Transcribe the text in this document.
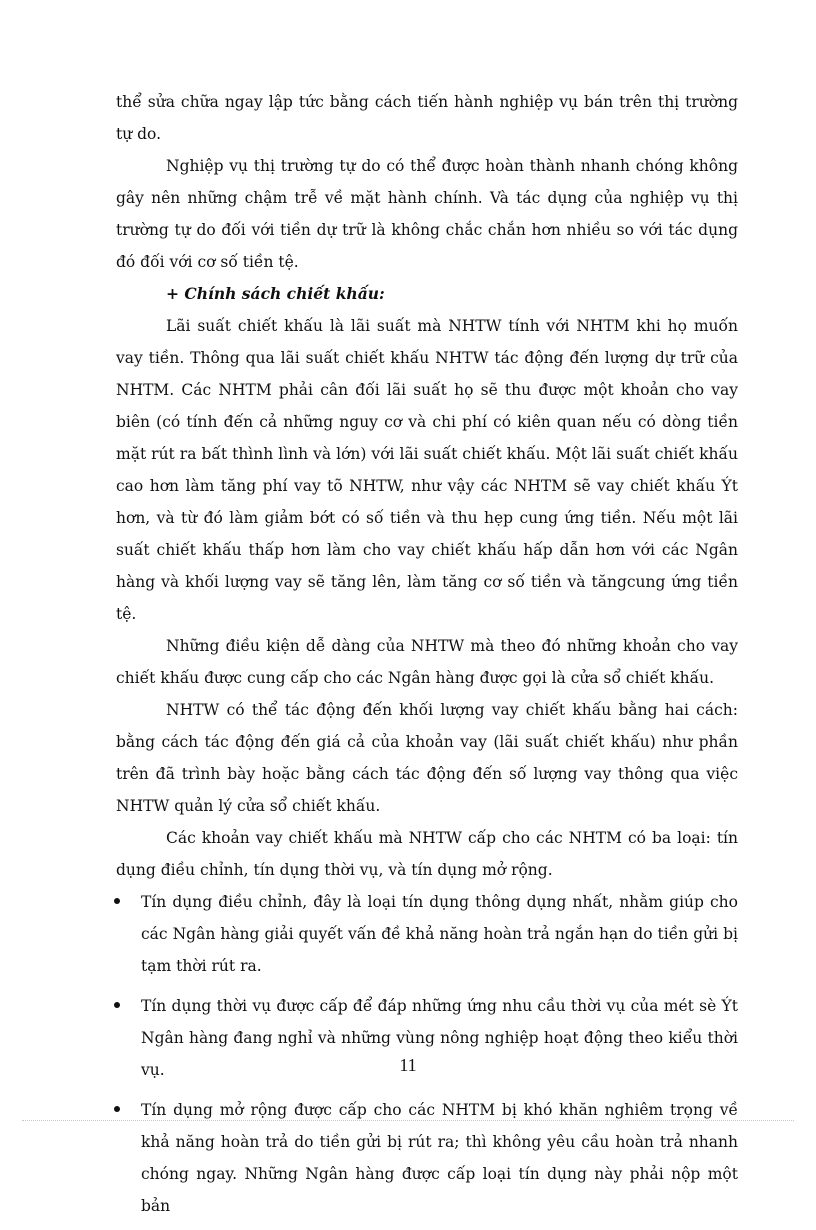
thể sửa chữa ngay lập tức bằng cách tiến hành nghiệp vụ bán trên thị trường tự do.

Nghiệp vụ thị trường tự do có thể được hoàn thành nhanh chóng không gây nên những chậm trễ về mặt hành chính. Và tác dụng của nghiệp vụ thị trường tự do đối với tiền dự trữ là không chắc chắn hơn nhiều so với tác dụng đó đối với cơ số tiền tệ.

+ Chính sách chiết khấu:

Lãi suất chiết khấu là lãi suất mà NHTW tính với NHTM khi họ muốn vay tiền. Thông qua lãi suất chiết khấu NHTW tác động đến lượng dự trữ của NHTM. Các NHTM phải cân đối lãi suất họ sẽ thu được một khoản cho vay biên (có tính đến cả những nguy cơ và chi phí có kiên quan nếu có dòng tiền mặt rút ra bất thình lình và lớn) với lãi suất chiết khấu. Một lãi suất chiết khấu cao hơn làm tăng phí vay tõ NHTW, như vậy các NHTM sẽ vay chiết khấu Ýt hơn, và từ đó làm giảm bớt có số tiền và thu hẹp cung ứng tiền. Nếu một lãi suất chiết khấu thấp hơn làm cho vay chiết khấu hấp dẫn hơn với các Ngân hàng và khối lượng vay sẽ tăng lên, làm tăng cơ số tiền và tăngcung ứng tiền tệ.

Những điều kiện dễ dàng của NHTW mà theo đó những khoản cho vay chiết khấu được cung cấp cho các Ngân hàng được gọi là cửa sổ chiết khấu.

NHTW có thể tác động đến khối lượng vay chiết khấu bằng hai cách: bằng cách tác động đến giá cả của khoản vay (lãi suất chiết khấu) như phần trên đã trình bày hoặc bằng cách tác động đến số lượng vay thông qua việc NHTW quản lý cửa sổ chiết khấu.

Các khoản vay chiết khấu mà NHTW cấp cho các NHTM có ba loại: tín dụng điều chỉnh, tín dụng thời vụ, và tín dụng mở rộng.

Tín dụng điều chỉnh, đây là loại tín dụng thông dụng nhất, nhằm giúp cho các Ngân hàng giải quyết vấn đề khả năng hoàn trả ngắn hạn do tiền gửi bị tạm thời rút ra.
Tín dụng thời vụ được cấp để đáp những ứng nhu cầu thời vụ của mét sè Ýt Ngân hàng đang nghỉ và những vùng nông nghiệp hoạt động theo kiểu thời vụ.
Tín dụng mở rộng được cấp cho các NHTM bị khó khăn nghiêm trọng về khả năng hoàn trả do tiền gửi bị rút ra; thì không yêu cầu hoàn trả nhanh chóng ngay. Những Ngân hàng được cấp loại tín dụng này phải nộp một bản
11
